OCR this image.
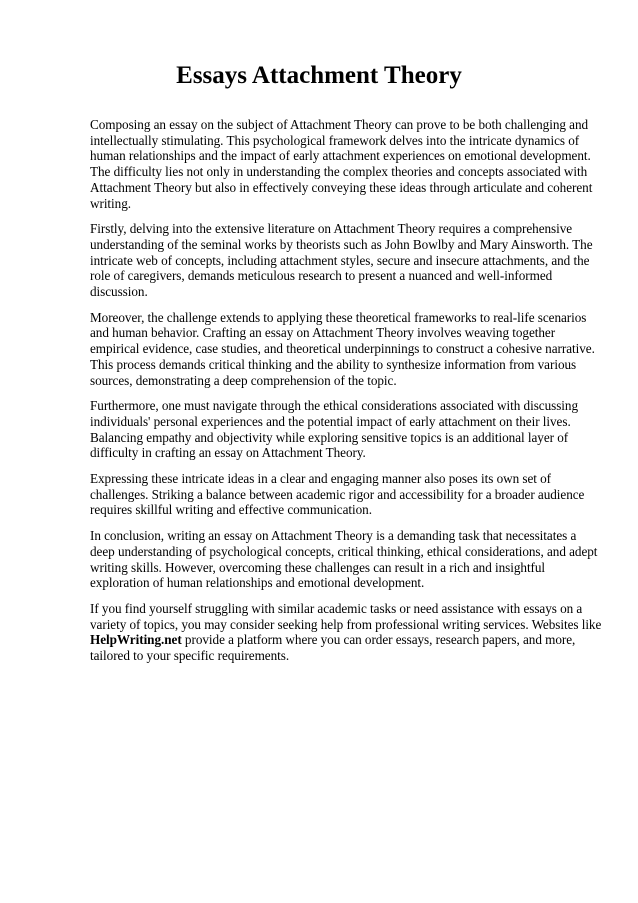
Essays Attachment Theory

Composing an essay on the subject of Attachment Theory can prove to be both challenging and
intellectually stimulating. This psychological framework delves into the intricate dynamics of
human relationships and the impact of early attachment experiences on emotional development.
The difficulty lies not only in understanding the complex theories and concepts associated with
Attachment Theory but also in effectively conveying these ideas through articulate and coherent
writing.

Firstly, delving into the extensive literature on Attachment Theory requires a comprehensive
understanding of the seminal works by theorists such as John Bowlby and Mary Ainsworth. The
intricate web of concepts, including attachment styles, secure and insecure attachments, and the
role of caregivers, demands meticulous research to present a nuanced and well-informed
discussion.

Moreover, the challenge extends to applying these theoretical frameworks to real-life scenarios
and human behavior. Crafting an essay on Attachment Theory involves weaving together
empirical evidence, case studies, and theoretical underpinnings to construct a cohesive narrative.
This process demands critical thinking and the ability to synthesize information from various
sources, demonstrating a deep comprehension of the topic.

Furthermore, one must navigate through the ethical considerations associated with discussing
individuals' personal experiences and the potential impact of early attachment on their lives.
Balancing empathy and objectivity while exploring sensitive topics is an additional layer of
difficulty in crafting an essay on Attachment Theory.

Expressing these intricate ideas in a clear and engaging manner also poses its own set of
challenges. Striking a balance between academic rigor and accessibility for a broader audience
requires skillful writing and effective communication.

In conclusion, writing an essay on Attachment Theory is a demanding task that necessitates a
deep understanding of psychological concepts, critical thinking, ethical considerations, and adept
writing skills. However, overcoming these challenges can result in a rich and insightful
exploration of human relationships and emotional development.

If you find yourself struggling with similar academic tasks or need assistance with essays on a
variety of topics, you may consider seeking help from professional writing services. Websites like
HelpWriting.net provide a platform where you can order essays, research papers, and more,
tailored to your specific requirements.
